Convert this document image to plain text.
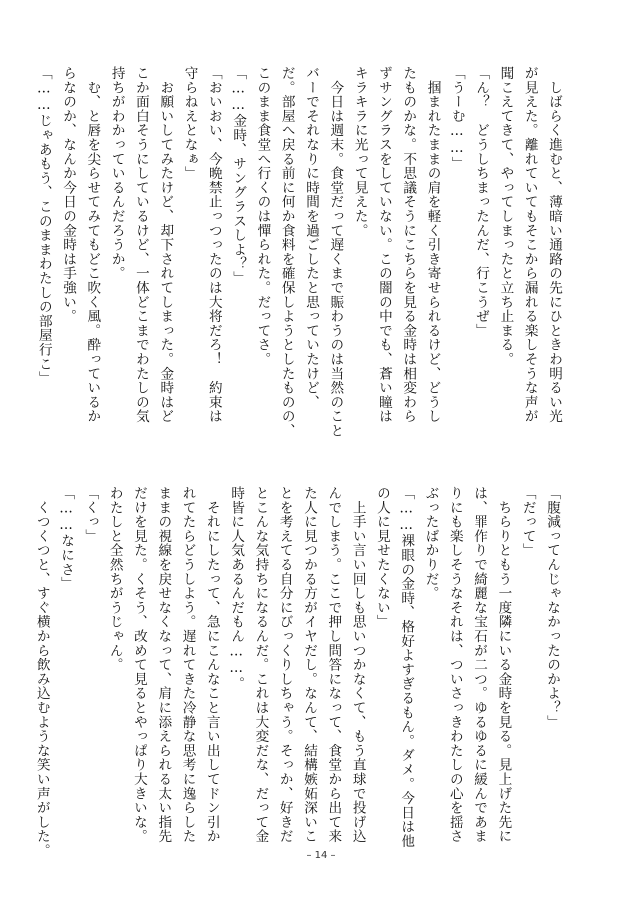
　しばらく進むと、薄暗い通路の先にひときわ明るい光
が見えた。離れていてもそこから漏れる楽しそうな声が
聞こえてきて、やってしまったと立ち止まる。
「ん？　どうしちまったんだ、行こうぜ」
「うーむ……」
　掴まれたままの肩を軽く引き寄せられるけど、どうし
たものかな。不思議そうにこちらを見る金時は相変わら
ずサングラスをしていない。この闇の中でも、蒼い瞳は
キラキラに光って見えた。
　今日は週末。食堂だって遅くまで賑わうのは当然のこと
バーでそれなりに時間を過ごしたと思っていたけど、
だ。部屋へ戻る前に何か食料を確保しようとしたものの、
このまま食堂へ行くのは憚られた。だってさ。
「……金時、サングラスしよ？」
「おいおい、今晩禁止っつったのは大将だろ！　約束は
守らねえとなぁ」
　お願いしてみたけど、却下されてしまった。金時はど
こか面白そうにしているけど、一体どこまでわたしの気
持ちがわかっているんだろうか。
　む、と唇を尖らせてみてもどこ吹く風。酔っているか
らなのか、なんか今日の金時は手強い。
「……じゃあもう、このままわたしの部屋行こ」
「腹減ってんじゃなかったのかよ？」
「だって」
　ちらりともう一度隣にいる金時を見る。見上げた先に
は、罪作りで綺麗な宝石が二つ。ゆるゆるに緩んであま
りにも楽しそうなそれは、ついさっきわたしの心を揺さ
ぶったばかりだ。
「……裸眼の金時、格好よすぎるもん。ダメ。今日は他
の人に見せたくない」
　上手い言い回しも思いつかなくて、もう直球で投げ込
んでしまう。ここで押し問答になって、食堂から出て来
た人に見つかる方がイヤだし。なんて、結構嫉妬深いこ
とを考えてる自分にびっくりしちゃう。そっか、好きだ
とこんな気持ちになるんだ。これは大変だな、だって金
時皆に人気あるんだもん……。
　それにしたって、急にこんなこと言い出してドン引か
れてたらどうしよう。遅れてきた冷静な思考に逸らした
ままの視線を戻せなくなって、肩に添えられる太い指先
だけを見た。くそう、改めて見るとやっぱり大きいな。
わたしと全然ちがうじゃん。
「くっ」
「……なにさ」
　くつくつと、すぐ横から飲み込むような笑い声がした。	– 14 –
